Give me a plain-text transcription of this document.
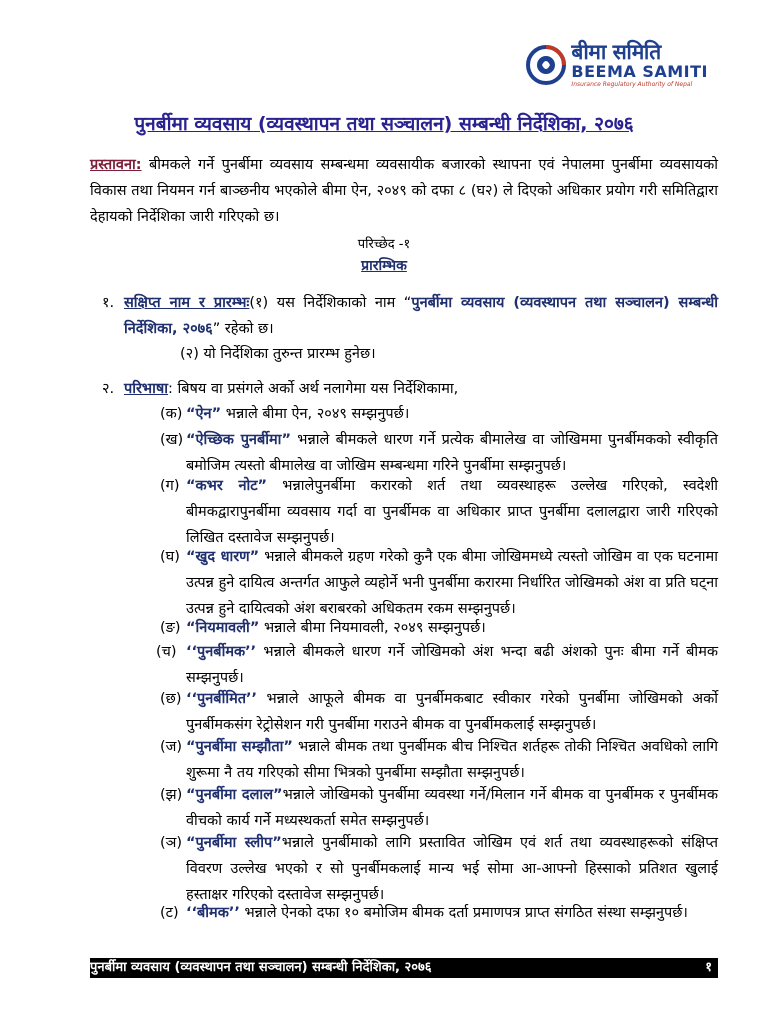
बीमा समिति
BEEMA SAMITI
Insurance Regulatory Authority of Nepal
पुनर्बीमा व्यवसाय (व्यवस्थापन तथा सञ्चालन) सम्बन्धी निर्देशिका, २०७६
प्रस्तावना: बीमकले गर्ने पुनर्बीमा व्यवसाय सम्बन्धमा व्यवसायीक बजारको स्थापना एवं नेपालमा पुनर्बीमा व्यवसायको विकास तथा नियमन गर्न बाञ्छनीय भएकोले बीमा ऐन, २०४९ को दफा ८ (घ२) ले दिएको अधिकार प्रयोग गरी समितिद्वारा देहायको निर्देशिका जारी गरिएको छ।
परिच्छेद -१
प्रारम्भिक
१. सक्षिप्त नाम र प्रारम्भः(१) यस निर्देशिकाको नाम “पुनर्बीमा व्यवसाय (व्यवस्थापन तथा सञ्चालन) सम्बन्धी निर्देशिका, २०७६” रहेको छ।
(२) यो निर्देशिका तुरुन्त प्रारम्भ हुनेछ।
२. परिभाषा: बिषय वा प्रसंगले अर्को अर्थ नलागेमा यस निर्देशिकामा,
(क) “ऐन” भन्नाले बीमा ऐन, २०४९ सम्झनुपर्छ।
(ख) “ऐच्छिक पुनर्बीमा” भन्नाले बीमकले धारण गर्ने प्रत्येक बीमालेख वा जोखिममा पुनर्बीमकको स्वीकृति बमोजिम त्यस्तो बीमालेख वा जोखिम सम्बन्धमा गरिने पुनर्बीमा सम्झनुपर्छ।
(ग) “कभर नोट” भन्नालेपुनर्बीमा करारको शर्त तथा व्यवस्थाहरू उल्लेख गरिएको, स्वदेशी बीमकद्वारापुनर्बीमा व्यवसाय गर्दा वा पुनर्बीमक वा अधिकार प्राप्त पुनर्बीमा दलालद्वारा जारी गरिएको लिखित दस्तावेज सम्झनुपर्छ।
(घ) “खुद धारण” भन्नाले बीमकले ग्रहण गरेको कुनै एक बीमा जोखिममध्ये त्यस्तो जोखिम वा एक घटनामा उत्पन्न हुने दायित्व अन्तर्गत आफुले व्यहोर्ने भनी पुनर्बीमा करारमा निर्धारित जोखिमको अंश वा प्रति घट्ना उत्पन्न हुने दायित्वको अंश बराबरको अधिकतम रकम सम्झनुपर्छ।
(ङ) “नियमावली” भन्नाले बीमा नियमावली, २०४९ सम्झनुपर्छ।
(च) ‘‘पुनर्बीमक’’ भन्नाले बीमकले धारण गर्ने जोखिमको अंश भन्दा बढी अंशको पुनः बीमा गर्ने बीमक सम्झनुपर्छ।
(छ) ‘‘पुनर्बीमित’’ भन्नाले आफूले बीमक वा पुनर्बीमकबाट स्वीकार गरेको पुनर्बीमा जोखिमको अर्को पुनर्बीमकसंग रेट्रोसेशन गरी पुनर्बीमा गराउने बीमक वा पुनर्बीमकलाई सम्झनुपर्छ।
(ज) “पुनर्बीमा सम्झौता” भन्नाले बीमक तथा पुनर्बीमक बीच निश्चित शर्तहरू तोकी निश्चित अवधिको लागि शुरूमा नै तय गरिएको सीमा भित्रको पुनर्बीमा सम्झौता सम्झनुपर्छ।
(झ) “पुनर्बीमा दलाल”भन्नाले जोखिमको पुनर्बीमा व्यवस्था गर्ने/मिलान गर्ने बीमक वा पुनर्बीमक र पुनर्बीमक वीचको कार्य गर्ने मध्यस्थकर्ता समेत सम्झनुपर्छ।
(ञ) “पुनर्बीमा स्लीप”भन्नाले पुनर्बीमाको लागि प्रस्तावित जोखिम एवं शर्त तथा व्यवस्थाहरूको संक्षिप्त विवरण उल्लेख भएको र सो पुनर्बीमकलाई मान्य भई सोमा आ-आफ्नो हिस्साको प्रतिशत खुलाई हस्ताक्षर गरिएको दस्तावेज सम्झनुपर्छ।
(ट) ‘‘बीमक’’ भन्नाले ऐनको दफा १० बमोजिम बीमक दर्ता प्रमाणपत्र प्राप्त संगठित संस्था सम्झनुपर्छ।
पुनर्बीमा व्यवसाय (व्यवस्थापन तथा सञ्चालन) सम्बन्धी निर्देशिका, २०७६	१
